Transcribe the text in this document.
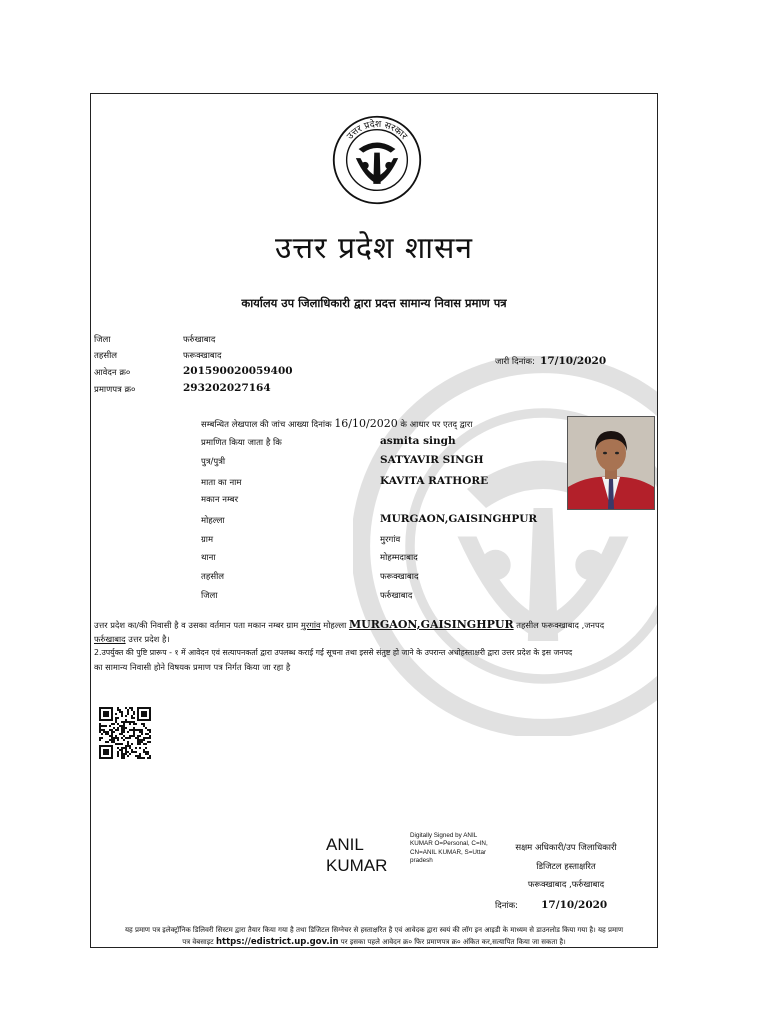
उत्तर प्रदेश सरकार
उत्तर प्रदेश शासन
कार्यालय उप जिलाधिकारी द्वारा प्रदत्त सामान्य निवास प्रमाण पत्र
जिला	फर्रुखाबाद
तहसील	फरूक्खाबाद
आवेदन क्र०	201590020059400
प्रमाणपत्र क्र०	293202027164
जारी दिनांक: 17/10/2020
सम्बन्धित लेखपाल की जांच आख्या दिनांक 16/10/2020 के आधार पर एतद् द्वारा
प्रमाणित किया जाता है कि	asmita singh
पुत्र/पुत्री	SATYAVIR SINGH
माता का नाम	KAVITA RATHORE
मकान नम्बर
मोहल्ला	MURGAON,GAISINGHPUR
ग्राम	मुरगांव
थाना	मोहम्मदाबाद
तहसील	फरूक्खाबाद
जिला	फर्रुखाबाद
उत्तर प्रदेश का/की निवासी है व उसका वर्तमान पता मकान नम्बर ग्राम मुरगांव मोहल्ला MURGAON,GAISINGHPUR तहसील फरूक्खाबाद ,जनपद
फर्रुखाबाद उत्तर प्रदेश है।
2.उपर्युक्त की पुष्टि प्रारूप - १ में आवेदन एवं सत्यापनकर्ता द्वारा उपलब्ध कराई गई सूचना तथा इससे संतुष्ट हो जाने के उपरान्त अधोहस्ताक्षरी द्वारा उत्तर प्रदेश के इस जनपद
का सामान्य निवासी होने विषयक प्रमाण पत्र निर्गत किया जा रहा है
ANIL
KUMAR
Digitally Signed by ANIL KUMAR O=Personal, C=IN, CN=ANIL KUMAR, S=Uttar pradesh
सक्षम अधिकारी/उप जिलाधिकारी
डिजिटल हस्ताक्षरित
फरूक्खाबाद ,फर्रुखाबाद
दिनांक: 17/10/2020
यह प्रमाण पत्र इलेक्ट्रॉनिक डिलिवरी सिस्टम द्वारा तैयार किया गया है तथा डिजिटल सिग्नेचर से हस्ताक्षरित है एवं आवेदक द्वारा स्वयं की लॉग इन आइडी के माध्यम से डाउनलोड किया गया है। यह प्रमाण
पत्र वेबसाइट https://edistrict.up.gov.in पर इसका पहले आवेदन क्र० फिर प्रमाणपत्र क्र० अंकित कर,सत्यापित किया जा सकता है।
